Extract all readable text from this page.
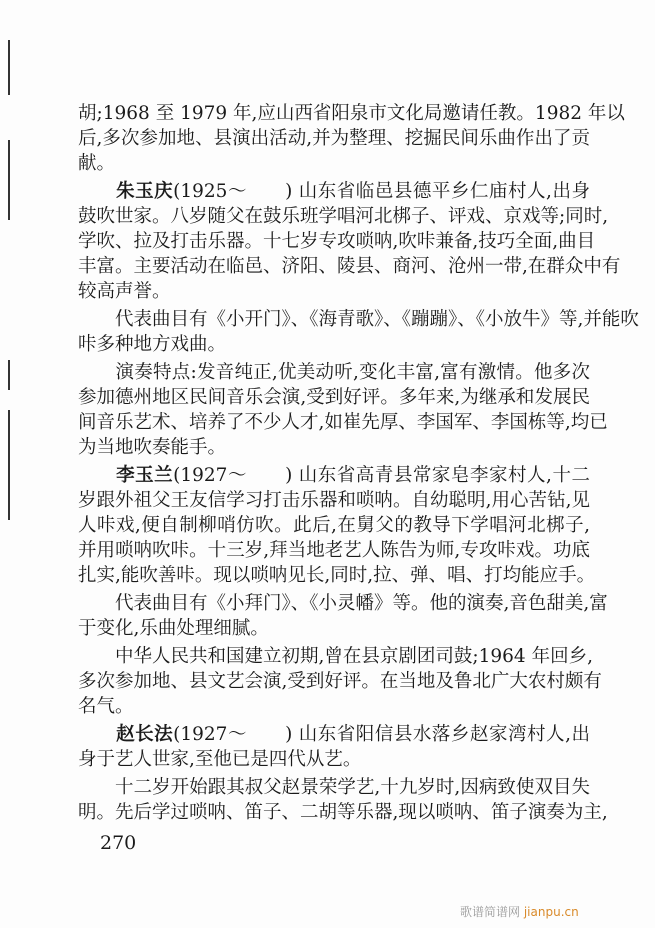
胡;1968 至 1979 年,应山西省阳泉市文化局邀请任教。1982 年以
后,多次参加地、县演出活动,并为整理、挖掘民间乐曲作出了贡
献。
　　朱玉庆(1925～　　) 山东省临邑县德平乡仁庙村人,出身
鼓吹世家。八岁随父在鼓乐班学唱河北梆子、评戏、京戏等;同时,
学吹、拉及打击乐器。十七岁专攻唢呐,吹咔兼备,技巧全面,曲目
丰富。主要活动在临邑、济阳、陵县、商河、沧州一带,在群众中有
较高声誉。
　　代表曲目有《小开门》、《海青歌》、《蹦蹦》、《小放牛》等,并能吹
咔多种地方戏曲。
　　演奏特点:发音纯正,优美动听,变化丰富,富有激情。他多次
参加德州地区民间音乐会演,受到好评。多年来,为继承和发展民
间音乐艺术、培养了不少人才,如崔先厚、李国军、李国栋等,均已
为当地吹奏能手。
　　李玉兰(1927～　　) 山东省高青县常家皂李家村人,十二
岁跟外祖父王友信学习打击乐器和唢呐。自幼聪明,用心苦钻,见
人咔戏,便自制柳哨仿吹。此后,在舅父的教导下学唱河北梆子,
并用唢呐吹咔。十三岁,拜当地老艺人陈告为师,专攻咔戏。功底
扎实,能吹善咔。现以唢呐见长,同时,拉、弹、唱、打均能应手。
　　代表曲目有《小拜门》、《小灵幡》等。他的演奏,音色甜美,富
于变化,乐曲处理细腻。
　　中华人民共和国建立初期,曾在县京剧团司鼓;1964 年回乡,
多次参加地、县文艺会演,受到好评。在当地及鲁北广大农村颇有
名气。
　　赵长法(1927～　　) 山东省阳信县水落乡赵家湾村人,出
身于艺人世家,至他已是四代从艺。
　　十二岁开始跟其叔父赵景荣学艺,十九岁时,因病致使双目失
明。先后学过唢呐、笛子、二胡等乐器,现以唢呐、笛子演奏为主,
270
歌谱简谱网 jianpu.cn
